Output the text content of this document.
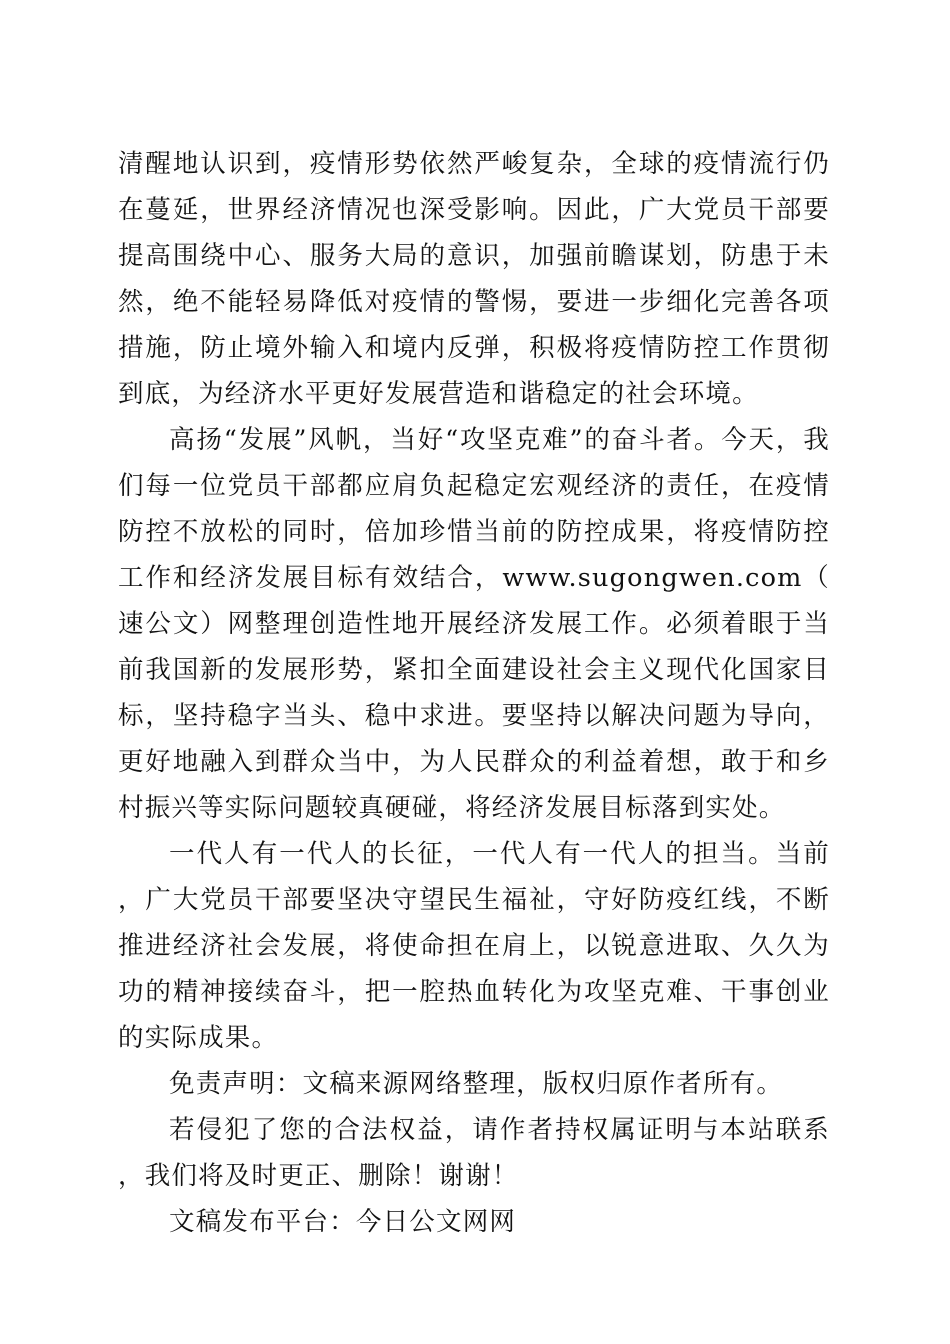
清醒地认识到，疫情形势依然严峻复杂，全球的疫情流行仍在蔓延，世界经济情况也深受影响。因此，广大党员干部要提高围绕中心、服务大局的意识，加强前瞻谋划，防患于未然，绝不能轻易降低对疫情的警惕，要进一步细化完善各项措施，防止境外输入和境内反弹，积极将疫情防控工作贯彻到底，为经济水平更好发展营造和谐稳定的社会环境。

高扬“发展”风帆，当好“攻坚克难”的奋斗者。今天，我们每一位党员干部都应肩负起稳定宏观经济的责任，在疫情防控不放松的同时，倍加珍惜当前的防控成果，将疫情防控工作和经济发展目标有效结合，www.sugongwen.com（速公文）网整理创造性地开展经济发展工作。必须着眼于当前我国新的发展形势，紧扣全面建设社会主义现代化国家目标，坚持稳字当头、稳中求进。要坚持以解决问题为导向，更好地融入到群众当中，为人民群众的利益着想，敢于和乡村振兴等实际问题较真硬碰，将经济发展目标落到实处。

一代人有一代人的长征，一代人有一代人的担当。当前，广大党员干部要坚决守望民生福祉，守好防疫红线，不断推进经济社会发展，将使命担在肩上，以锐意进取、久久为功的精神接续奋斗，把一腔热血转化为攻坚克难、干事创业的实际成果。

免责声明：文稿来源网络整理，版权归原作者所有。

若侵犯了您的合法权益，请作者持权属证明与本站联系，我们将及时更正、删除！谢谢！

文稿发布平台：今日公文网网
